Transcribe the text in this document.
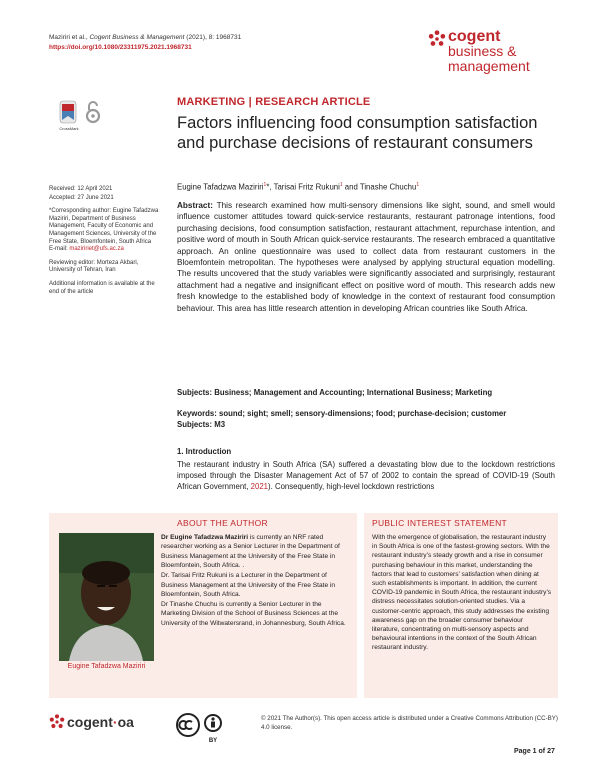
Maziriri et al., Cogent Business & Management (2021), 8: 1968731
https://doi.org/10.1080/23311975.2021.1968731
cogent
business &
management
CrossMark
MARKETING | RESEARCH ARTICLE
Factors influencing food consumption satisfaction and purchase decisions of restaurant consumers
Eugine Tafadzwa Maziriri$^1$*, Tarisai Fritz Rukuni$^1$ and Tinashe Chuchu$^1$

Received: 12 April 2021

Accepted: 27 June 2021

*Corresponding author: Eugine Tafadzwa Maziriri, Department of Business Management, Faculty of Economic and Management Sciences, University of the Free State, Bloemfontein, South Africa

E-mail: maziririet@ufs.ac.za

Reviewing editor: Morteza Akbari, University of Tehran, Iran

Additional information is available at the end of the article

Abstract: This research examined how multi-sensory dimensions like sight, sound, and smell would influence customer attitudes toward quick-service restaurants, restaurant patronage intentions, food purchasing decisions, food consumption satisfaction, restaurant attachment, repurchase intention, and positive word of mouth in South African quick-service restaurants. The research embraced a quantitative approach. An online questionnaire was used to collect data from restaurant customers in the Bloemfontein metropolitan. The hypotheses were analysed by applying structural equation modelling. The results uncovered that the study variables were significantly associated and surprisingly, restaurant attachment had a negative and insignificant effect on positive word of mouth. This research adds new fresh knowledge to the established body of knowledge in the context of restaurant food consumption behaviour. This area has little research attention in developing African countries like South Africa.
Subjects: Business; Management and Accounting; International Business; Marketing
Keywords: sound; sight; smell; sensory-dimensions; food; purchase-decision; customer
Subjects: M3
1. Introduction
The restaurant industry in South Africa (SA) suffered a devastating blow due to the lockdown restrictions imposed through the Disaster Management Act of 57 of 2002 to contain the spread of COVID-19 (South African Government, 2021). Consequently, high-level lockdown restrictions
ABOUT THE AUTHOR
Eugine Tafadzwa Maziriri

Dr Eugine Tafadzwa Maziriri is currently an NRF rated researcher working as a Senior Lecturer in the Department of Business Management at the University of the Free State in Bloemfontein, South Africa. .

Dr. Tarisai Fritz Rukuni is a Lecturer in the Department of Business Management at the University of the Free State in Bloemfontein, South Africa.

Dr Tinashe Chuchu is currently a Senior Lecturer in the Marketing Division of the School of Business Sciences at the University of the Witwatersrand, in Johannesburg, South Africa.

PUBLIC INTEREST STATEMENT
With the emergence of globalisation, the restaurant industry in South Africa is one of the fastest-growing sectors. With the restaurant industry’s steady growth and a rise in consumer purchasing behaviour in this market, understanding the factors that lead to customers’ satisfaction when dining at such establishments is important. In addition, the current COVID-19 pandemic in South Africa, the restaurant industry’s distress necessitates solution-oriented studies. Via a customer-centric approach, this study addresses the existing awareness gap on the broader consumer behaviour literature, concentrating on multi-sensory aspects and behavioural intentions in the context of the South African restaurant industry.
cogent·oa
BY
© 2021 The Author(s). This open access article is distributed under a Creative Commons Attribution (CC-BY) 4.0 license.
Page 1 of 27
